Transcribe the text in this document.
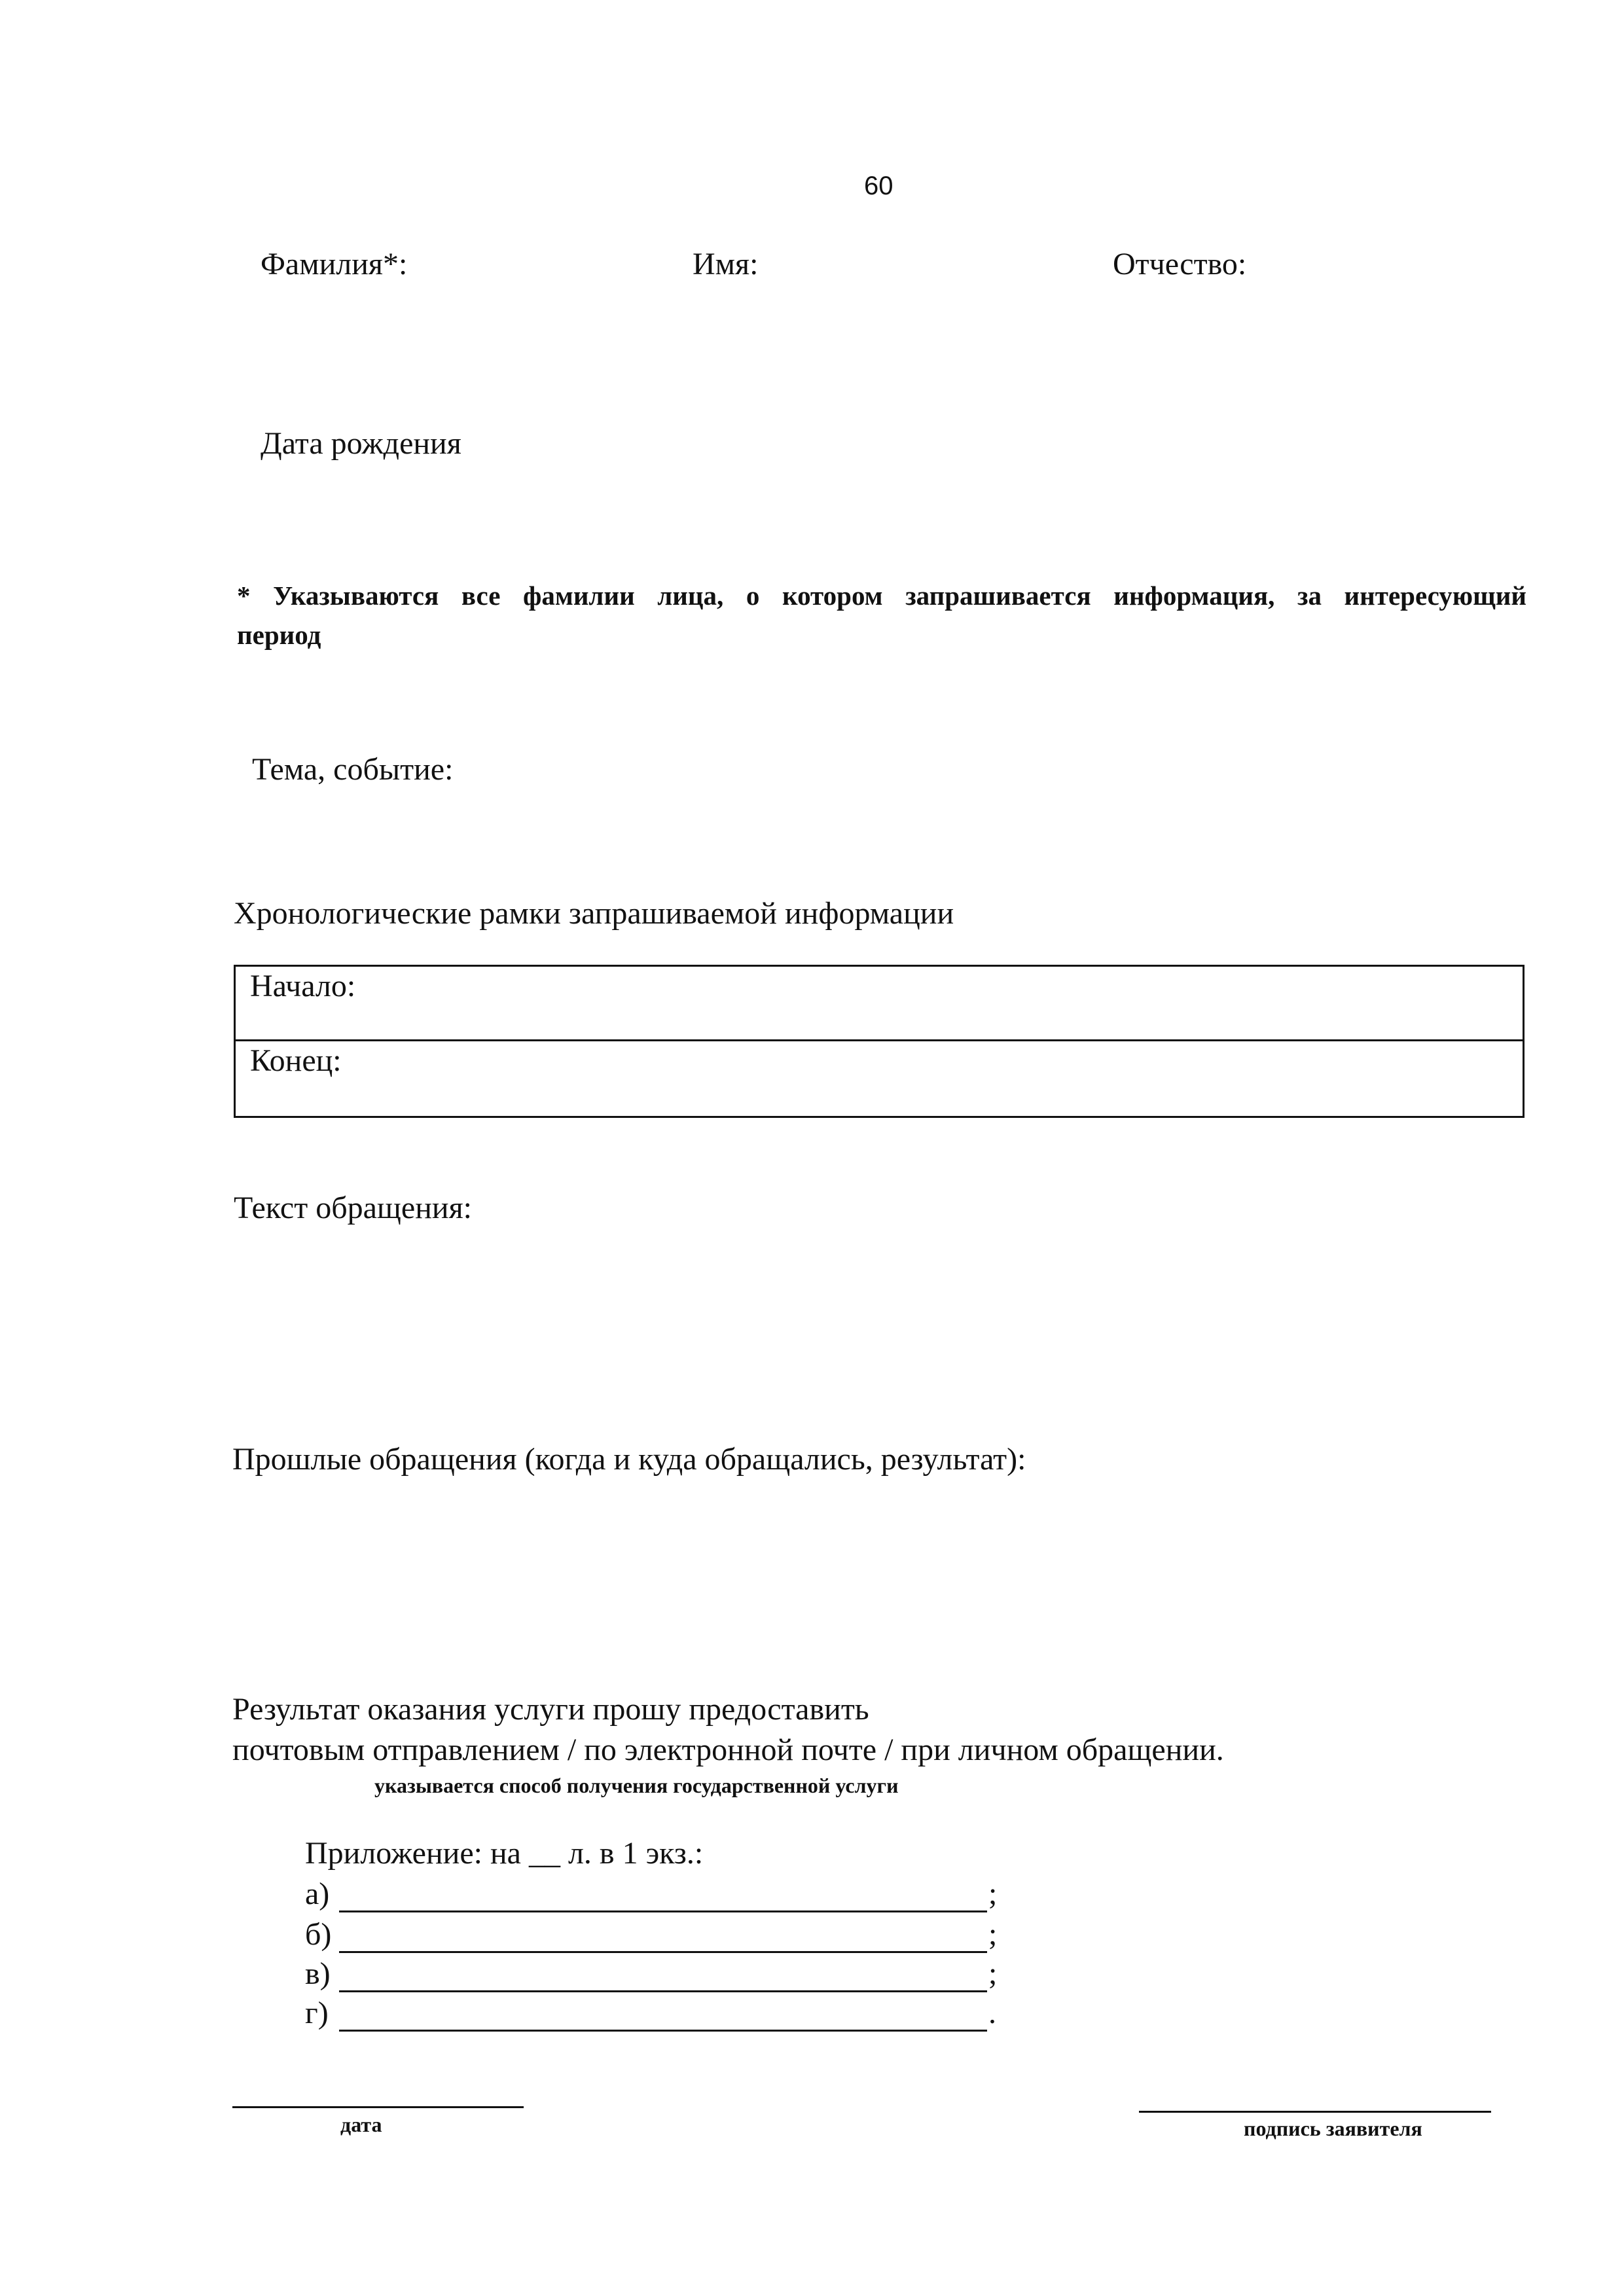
60
Фамилия*:	Имя:	Отчество:
Дата рождения
* Указываются все фамилии лица, о котором запрашивается информация, за интересующий
период
Тема, событие:
Хронологические рамки запрашиваемой информации
Начало:
Конец:
Текст обращения:
Прошлые обращения (когда и куда обращались, результат):
Результат оказания услуги прошу предоставить
почтовым отправлением / по электронной почте / при личном обращении.
указывается способ получения государственной услуги
Приложение: на __ л. в 1 экз.:
а)	;
б)	;
в)	;
г)	.
дата	подпись заявителя
